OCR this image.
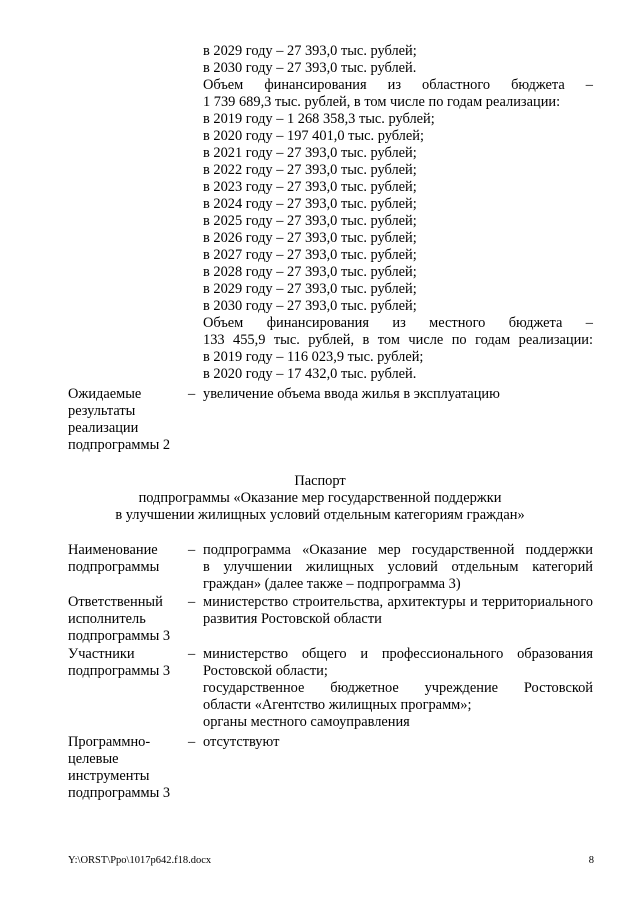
в 2029 году – 27 393,0 тыс. рублей;
в 2030 году – 27 393,0 тыс. рублей.
Объем финансирования из областного бюджета –
1 739 689,3 тыс. рублей, в том числе по годам реализации:
в 2019 году – 1 268 358,3 тыс. рублей;
в 2020 году – 197 401,0 тыс. рублей;
в 2021 году – 27 393,0 тыс. рублей;
в 2022 году – 27 393,0 тыс. рублей;
в 2023 году – 27 393,0 тыс. рублей;
в 2024 году – 27 393,0 тыс. рублей;
в 2025 году – 27 393,0 тыс. рублей;
в 2026 году – 27 393,0 тыс. рублей;
в 2027 году – 27 393,0 тыс. рублей;
в 2028 году – 27 393,0 тыс. рублей;
в 2029 году – 27 393,0 тыс. рублей;
в 2030 году – 27 393,0 тыс. рублей;
Объем финансирования из местного бюджета –
133 455,9 тыс. рублей, в том числе по годам реализации:
в 2019 году – 116 023,9 тыс. рублей;
в 2020 году – 17 432,0 тыс. рублей.
Ожидаемые
результаты
реализации
подпрограммы 2
– увеличение объема ввода жилья в эксплуатацию
Паспорт
подпрограммы «Оказание мер государственной поддержки
в улучшении жилищных условий отдельным категориям граждан»
Наименование
подпрограммы
– подпрограмма «Оказание мер государственной поддержки
в улучшении жилищных условий отдельным категорий
граждан» (далее также – подпрограмма 3)
Ответственный
исполнитель
подпрограммы 3
– министерство строительства, архитектуры и территориального
развития Ростовской области
Участники
подпрограммы 3
– министерство общего и профессионального образования
Ростовской области;
государственное бюджетное учреждение Ростовской
области «Агентство жилищных программ»;
органы местного самоуправления
Программно-
целевые
инструменты
подпрограммы 3
– отсутствуют
Y:\ORST\Ppo\1017p642.f18.docx	8
